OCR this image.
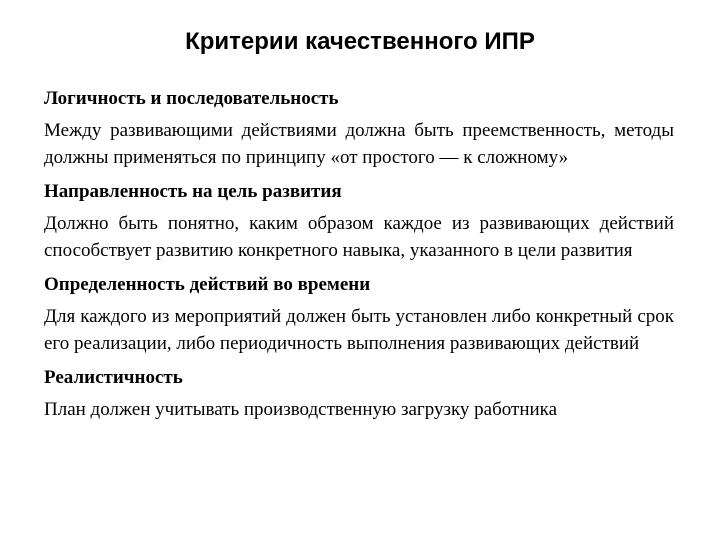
Критерии качественного ИПР

Логичность и последовательность

Между развивающими действиями должна быть преемственность, методы должны применяться по принципу «от простого — к сложному»

Направленность на цель развития

Должно быть понятно, каким образом каждое из развивающих действий способствует развитию конкретного навыка, указанного в цели развития

Определенность действий во времени

Для каждого из мероприятий должен быть установлен либо конкретный срок его реализации, либо периодичность выполнения развивающих действий

Реалистичность

План должен учитывать производственную загрузку работника
